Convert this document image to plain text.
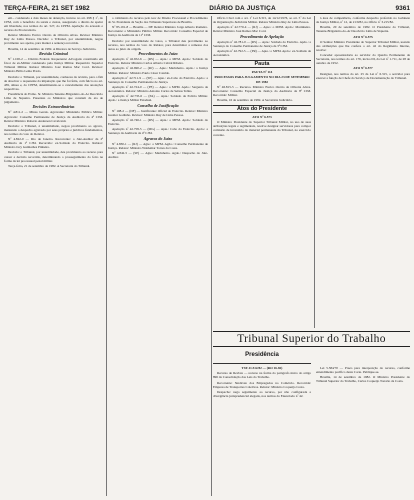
TERÇA-FEIRA, 21 SET 1982	DIÁRIO DA JUSTIÇA	9361

em... condenado a dois meses de detenção, incurso no art. 298 § 1º, do CPM, com o benefício do sursis e custas, assegurado o direito de apelar em liberdade, nos termos do art. 527, do CPPM. Apelação do acusado e recurso da Procuradoria.

Relator Ministro Eurico Osório de Oliveira Alves. Revisor Ministro Ruy de Lima Pessoa. Decisão: o Tribunal, por unanimidade, negou provimento aos apelos, para manter a sentença recorrida.

Brasília, 14 de setembro de 1982. A Diretora de Serviço Judiciário.

Revisão Criminal

Nº 1.100-2 — Distrito Federal. Requerente: Advogado constituído em favor de ex-Militar condenado pela Justiça Militar. Requerido: Superior Tribunal Militar. Relator Ministro José Ramos Mac Cord. Revisor: Ministro Hélio Lema Prado.

Decisão: o Tribunal, por unanimidade, conheceu da revisão, para o fim de absolver o requerente da imputação que lhe foi feita, com fulcro no art. 439, alínea e, do CPPM, determinando-se o cancelamento das anotações respectivas.

Presidência do Exmo. Sr. Ministro Tenente-Brigadeiro-do-Ar Deoclécio Lima de Siqueira. Presentes os Ministros que constam da ata de julgamento.

Decisões Extraordinárias

Nº 4.811-2 — Minas Gerais. Agravante: Ministério Público Militar. Agravado: Conselho Permanente de Justiça da Auditoria da 4ª CJM. Relator Ministro Roberto Andersen Cavalcanti.

Decisão: o Tribunal, à unanimidade, negou provimento ao agravo, mantendo o despacho agravado por seus próprios e jurídicos fundamentos, nos termos do voto do Relator.

Nº 4.822-0 — Rio de Janeiro. Recorrente: o Juiz-Auditor da 2ª Auditoria da 1ª CJM. Recorrido: ex-Soldado do Exército. Relator: Ministro Jacy Guimarães Pinheiro.

Decisão: o Tribunal, por unanimidade, deu provimento ao recurso para cassar a decisão recorrida, determinando o prosseguimento do feito na forma da lei processual penal militar.

Terça-feira, 21 de setembro de 1982. A Secretaria do Tribunal.

o cabimento do recurso pelo teor de Direito Processual e Procedimento do Sr. Presidente da Seção dos Tribunais Superiores de Brasília.

Nº 85.191-8 — Brasília — DF. Relator Ministro Jorge Alberto Romeiro. Recorrente: o Ministério Público Militar. Recorrido: Conselho Especial de Justiça da Auditoria da 11ª CJM.

Decisão: por unanimidade de votos, o Tribunal deu provimento ao recurso, nos termos do voto do Relator, para determinar a remessa dos autos ao juízo de origem.

Procedimentos do Juízo

Apelação nº 42.652-6 — (RS) — Apte.: o MPM. Apdo.: Soldado do Exército. Relator Ministro Carlos Alberto Cabral Ribeiro.

Apelação nº 42.690-2 — (RJ) — Apte.: Marinheiro. Apdo.: a Justiça Militar. Relator: Ministro Paulo César Cataldo.

Apelação nº 42.711-9 — (SP) — Apte.: ex-Cabo do Exército. Apdo.: a Sentença do Conselho Permanente de Justiça.

Apelação nº 42.724-0 — (PE) — Apte.: o MPM. Apdo.: Sargento da Aeronáutica. Relator: Ministro Antonio Carlos de Seixas Telles.

Apelação nº 42.735-6 — (PA) — Apte.: Soldado da Polícia Militar. Apdo.: a Justiça Militar Estadual.

Conselho de Justificação

Nº 108-2 — (DF) — Justificante: Oficial do Exército. Relator: Ministro Gualter Godinho. Revisor: Ministro Ruy de Lima Pessoa.

Apelação nº 42.746-1 — (RS) — Apte.: o MPM. Apdo.: Soldado do Exército.

Apelação nº 42.758-5 — (MG) — Apte.: Cabo do Exército. Apdo.: a Sentença da Auditoria da 4ª CJM.

Agravos do Juízo

Nº 4.830-1 — (RJ) — Agte.: o MPM. Agdo.: Conselho Permanente de Justiça. Relator: Ministro Waldemar Torres da Costa.

Nº 4.842-5 — (SP) — Agte.: Marinheiro. Agdo.: Despacho do Juiz-Auditor.

Ofício Cível com o art. 1º Lei 6.315, de 14/12/1976, ao art. 5º da Lei de Organização Judiciária Militar. Relator Ministro Ruy de Lima Pessoa.

Apelação nº 42.770-4 — (RJ) — Apte.: o MPM. Apdo.: Marinheiro. Relator Ministro José Ramos Mac Cord.

Procedimento de Apelação

Apelação nº 42.781-0 — (RS) — Apte.: Soldado do Exército. Apdo.: a Sentença do Conselho Permanente de Justiça da 3ª CJM.

Apelação nº 42.792-5 — (PR) — Apte.: o MPM. Apdo.: ex-Soldado da Aeronáutica.

Pauta

PAUTA Nº 114

PROCESSOS PARA JULGAMENTO NO DIA 23 DE SETEMBRO DE 1982

Nº 46.815-5 — Recurso. Ministro Eurico Osório de Oliveira Alves. Recorrente: Conselho Especial de Justiça da Auditoria da 8ª CJM. Recorrido: Militar.

Brasília, 16 de setembro de 1982. A Secretária Judiciária.

Atos do Presidente

ATO Nº 6.573

O Ministro Presidente do Superior Tribunal Militar, no uso de suas atribuições legais e regimentais, resolve designar servidores para compor comissão de inventário do material permanente do Tribunal, no exercício corrente.

à área de competência, conforme despacho proferido no Gabinete da Justiça Militar, nº 12, de 21/9/82, no Ofício nº 3.215/82.

Brasília, 20 de setembro de 1982. O Presidente do Tribunal, Tenente-Brigadeiro-do-Ar Deoclécio Lima de Siqueira.

ATO Nº 6.575

O Senhor Ministro Presidente do Superior Tribunal Militar, usando das atribuições que lhe confere o art. 42 do Regimento Interno, resolve:

Conceder aposentadoria ao servidor do Quadro Permanente da Secretaria, nos termos do art. 176, inciso III, da Lei nº 1.711, de 28 de outubro de 1952.

ATO Nº 6.577

Designar, nos termos do art. 25 da Lei nº 6.315, o servidor para exercer a função de Chefe do Serviço de Documentação do Tribunal.

Tribunal Superior do Trabalho
Presidência

TST-11.512/82 — (RO 16-82)

Recurso de Revista — recurso na forma do parágrafo único do artigo 896 da Consolidação das Leis do Trabalho.

Recorrente: Sindicato dos Empregados no Comércio. Recorrida: Empresa de Transportes Coletivos. Relator: Ministro Coqueijo Costa.

Despacho: nego seguimento ao recurso, por não configurada a divergência jurisprudencial alegada, nos termos do Enunciado nº 42.

Lei 5.584/70 — Prazo para interposição do recurso, conforme entendimento pacífico desta Corte. Publique-se.

Brasília, 14 de setembro de 1982. O Ministro Presidente do Tribunal Superior do Trabalho, Carlos Coqueijo Torreão da Costa.
